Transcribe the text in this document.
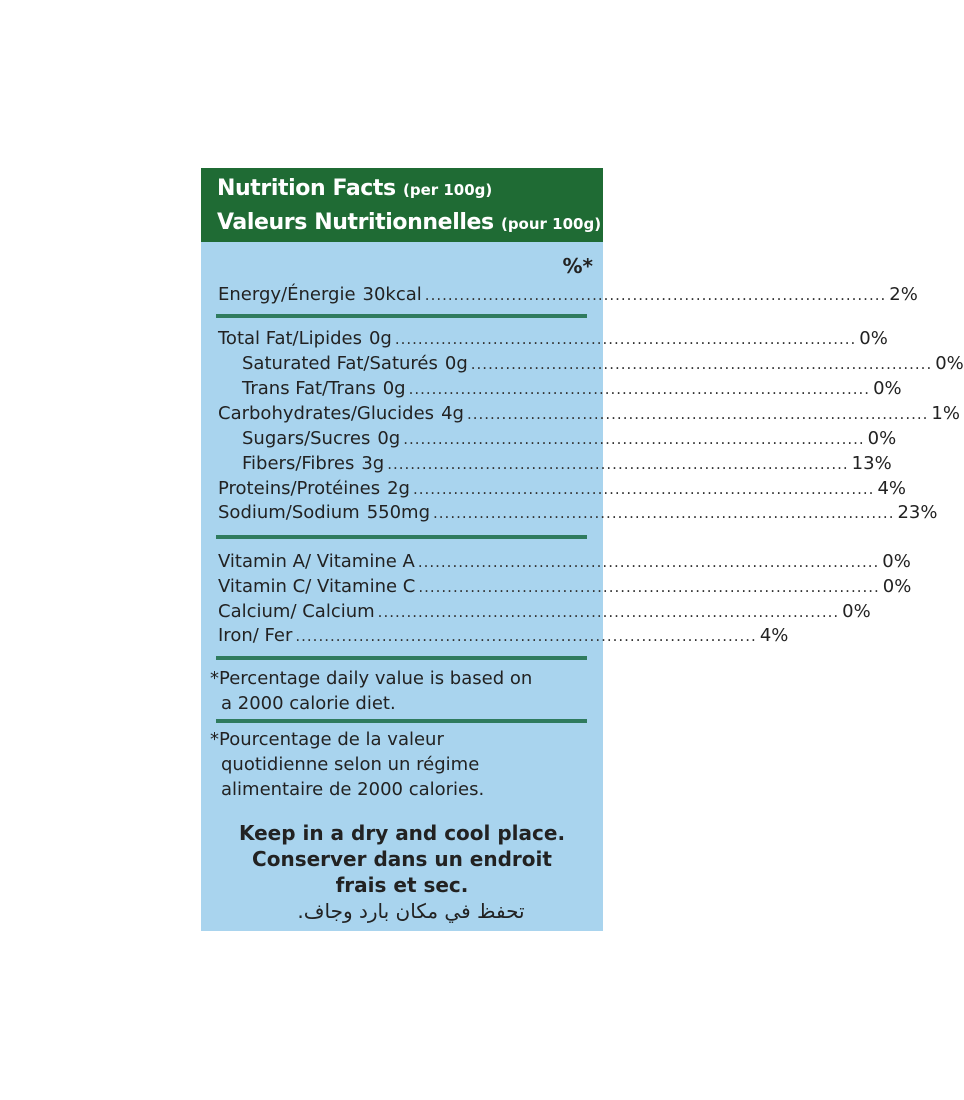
Nutrition Facts (per 100g)
Valeurs Nutritionnelles (pour 100g)
%*
Energy/Énergie 30kcal ................................................................................ 2%
Total Fat/Lipides 0g ................................................................................ 0%
Saturated Fat/Saturés 0g ................................................................................ 0%
Trans Fat/Trans 0g ................................................................................ 0%
Carbohydrates/Glucides 4g ................................................................................ 1%
Sugars/Sucres 0g ................................................................................ 0%
Fibers/Fibres 3g ................................................................................ 13%
Proteins/Protéines 2g ................................................................................ 4%
Sodium/Sodium 550mg ................................................................................ 23%
Vitamin A/ Vitamine A ................................................................................ 0%
Vitamin C/ Vitamine C ................................................................................ 0%
Calcium/ Calcium ................................................................................ 0%
Iron/ Fer ................................................................................ 4%
*Percentage daily value is based on
a 2000 calorie diet.
*Pourcentage de la valeur
quotidienne selon un régime
alimentaire de 2000 calories.
Keep in a dry and cool place.
Conserver dans un endroit
frais et sec.
تحفظ في مكان بارد وجاف.
